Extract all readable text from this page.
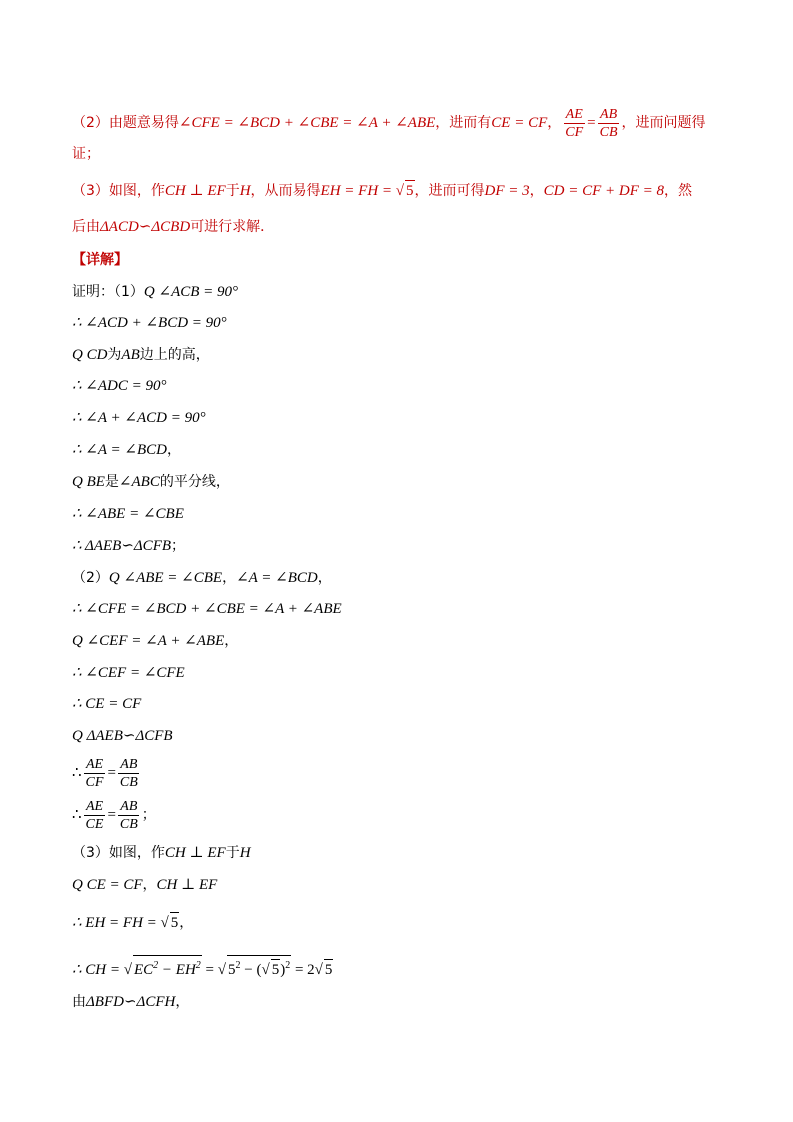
（2）由题意易得∠CFE = ∠BCD + ∠CBE = ∠A + ∠ABE，进而有CE = CF， $\frac{AE}{CF} = \frac{AB}{CB}$ ，进而问题得
证；
（3）如图，作CH ⊥ EF于H，从而易得EH = FH = √ 5，进而可得DF = 3，CD = CF + DF = 8，然
后由ΔACD∽ΔCBD可进行求解．
【详解】
证明：（1）Q ∠ACB = 90°
∴ ∠ACD + ∠BCD = 90°
Q CD为AB边上的高，
∴ ∠ADC = 90°
∴ ∠A + ∠ACD = 90°
∴ ∠A = ∠BCD，
Q BE是∠ABC的平分线，
∴ ∠ABE = ∠CBE
∴ ΔAEB∽ΔCFB；
（2）Q ∠ABE = ∠CBE，∠A = ∠BCD，
∴ ∠CFE = ∠BCD + ∠CBE = ∠A + ∠ABE
Q ∠CEF = ∠A + ∠ABE，
∴ ∠CEF = ∠CFE
∴ CE = CF
Q ΔAEB∽ΔCFB
∴ $\frac{AE}{CF} = \frac{AB}{CB}$
∴ $\frac{AE}{CE} = \frac{AB}{CB}$ ；
（3）如图，作CH ⊥ EF于H
Q CE = CF，CH ⊥ EF
∴ EH = FH = √ 5，
∴ CH = √ $EC^2 - EH^2$ = √ $5^2$ − (√ 5)$^2$ = 2√ 5
由ΔBFD∽ΔCFH，
